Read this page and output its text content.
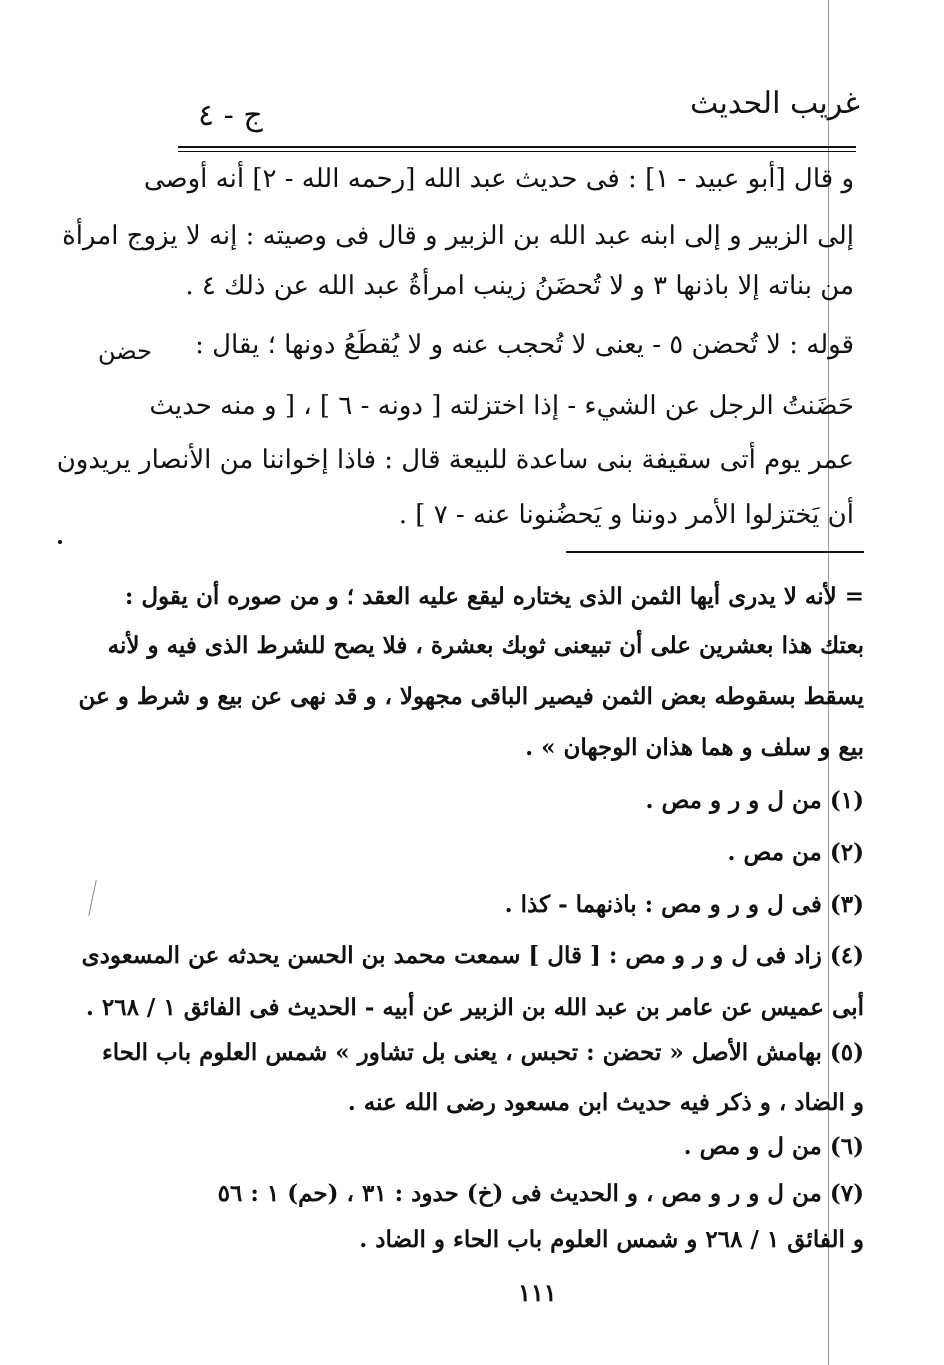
غريب الحديث
ج - ٤
و قال [أبو عبيد - ١] : فى حديث عبد الله [رحمه الله - ٢] أنه أوصى
إلى الزبير و إلى ابنه عبد الله بن الزبير و قال فى وصيته : إنه لا يزوج امرأة
من بناته إلا باذنها ٣ و لا تُحضَنُ زينب امرأةُ عبد الله عن ذلك ٤ .
قوله : لا تُحضن ٥ - يعنى لا تُحجب عنه و لا يُقطَعُ دونها ؛ يقال :
حَضَنتُ الرجل عن الشيء - إذا اختزلته [ دونه - ٦ ] ، [ و منه حديث
عمر يوم أتى سقيفة بنى ساعدة للبيعة قال : فاذا إخواننا من الأنصار يريدون
أن يَختزلوا الأمر دوننا و يَحضُنونا عنه - ٧ ] .
حضن
= لأنه لا يدرى أيها الثمن الذى يختاره ليقع عليه العقد ؛ و من صوره أن يقول :
بعتك هذا بعشرين على أن تبيعنى ثوبك بعشرة ، فلا يصح للشرط الذى فيه و لأنه
يسقط بسقوطه بعض الثمن فيصير الباقى مجهولا ، و قد نهى عن بيع و شرط و عن
بيع و سلف و هما هذان الوجهان » .
(١) من ل و ر و مص .
(٢) من مص .
(٣) فى ل و ر و مص : باذنهما - كذا .
(٤) زاد فى ل و ر و مص : [ قال ] سمعت محمد بن الحسن يحدثه عن المسعودى
أبى عميس عن عامر بن عبد الله بن الزبير عن أبيه - الحديث فى الفائق ١ / ٢٦٨ .
(٥) بهامش الأصل « تحضن : تحبس ، يعنى بل تشاور » شمس العلوم باب الحاء
و الضاد ، و ذكر فيه حديث ابن مسعود رضى الله عنه .
(٦) من ل و مص .
(٧) من ل و ر و مص ، و الحديث فى (خ) حدود : ٣١ ، (حم) ١ : ٥٦
و الفائق ١ / ٢٦٨ و شمس العلوم باب الحاء و الضاد .
١١١
